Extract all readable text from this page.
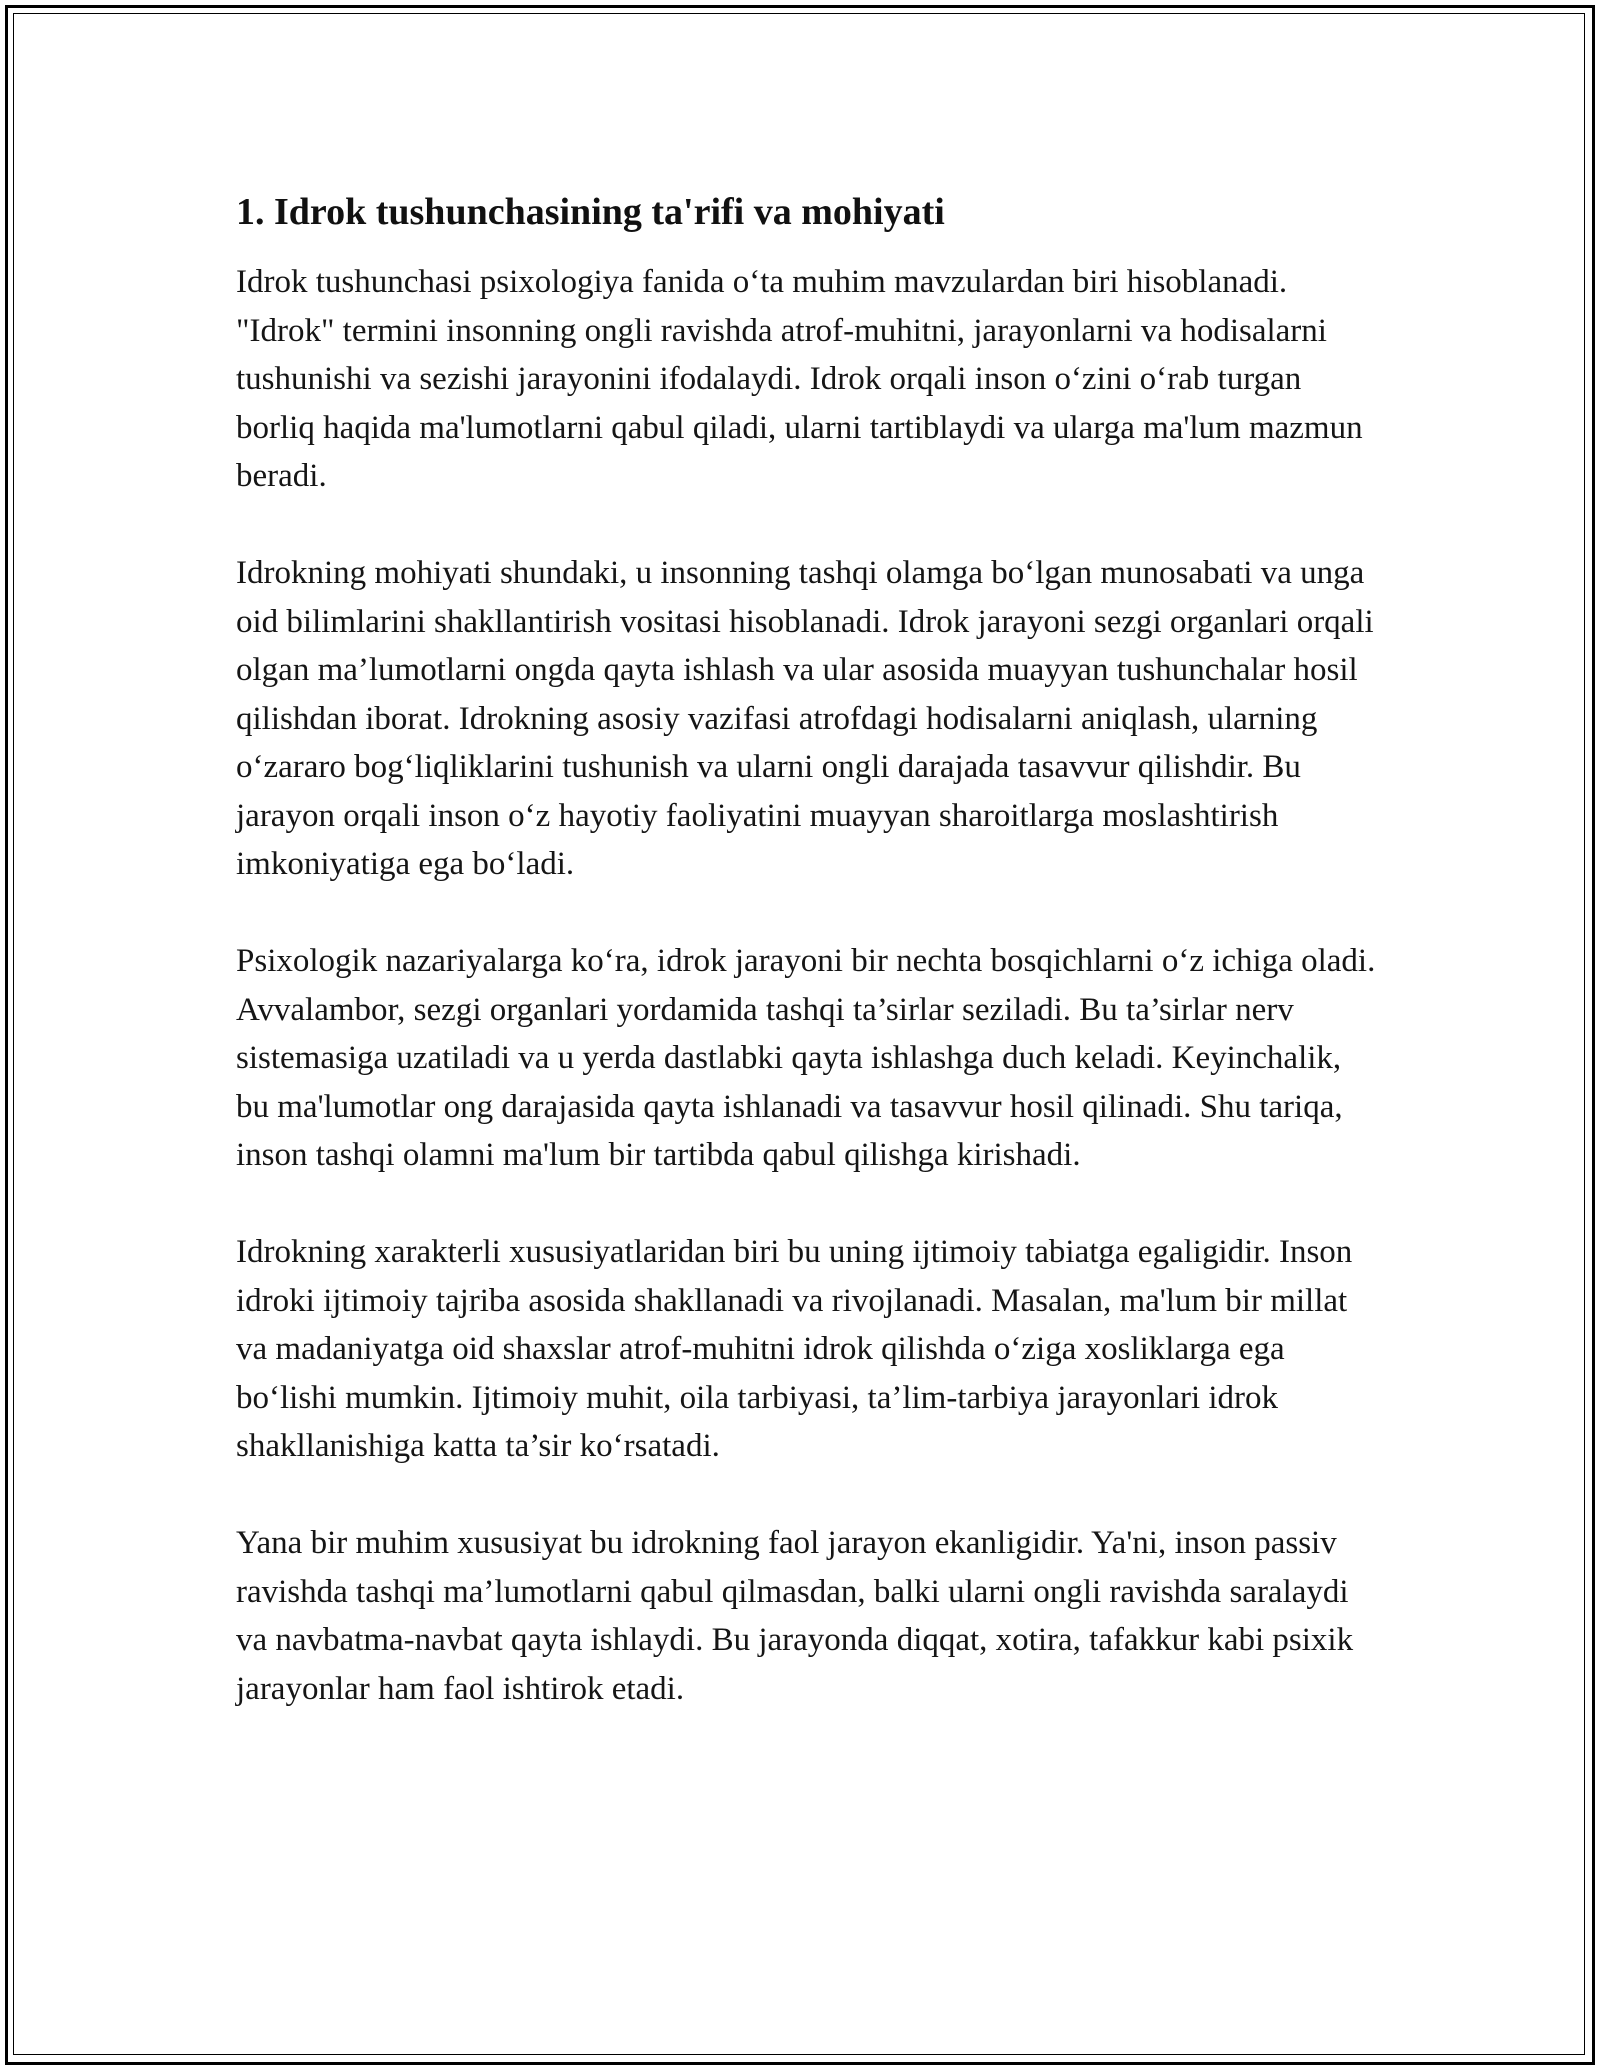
1. Idrok tushunchasining ta'rifi va mohiyati

Idrok tushunchasi psixologiya fanida o‘ta muhim mavzulardan biri hisoblanadi. "Idrok" termini insonning ongli ravishda atrof-muhitni, jarayonlarni va hodisalarni tushunishi va sezishi jarayonini ifodalaydi. Idrok orqali inson o‘zini o‘rab turgan borliq haqida ma'lumotlarni qabul qiladi, ularni tartiblaydi va ularga ma'lum mazmun beradi.

Idrokning mohiyati shundaki, u insonning tashqi olamga bo‘lgan munosabati va unga oid bilimlarini shakllantirish vositasi hisoblanadi. Idrok jarayoni sezgi organlari orqali olgan ma’lumotlarni ongda qayta ishlash va ular asosida muayyan tushunchalar hosil qilishdan iborat. Idrokning asosiy vazifasi atrofdagi hodisalarni aniqlash, ularning o‘zararo bog‘liqliklarini tushunish va ularni ongli darajada tasavvur qilishdir. Bu jarayon orqali inson o‘z hayotiy faoliyatini muayyan sharoitlarga moslashtirish imkoniyatiga ega bo‘ladi.

Psixologik nazariyalarga ko‘ra, idrok jarayoni bir nechta bosqichlarni o‘z ichiga oladi. Avvalambor, sezgi organlari yordamida tashqi ta’sirlar seziladi. Bu ta’sirlar nerv sistemasiga uzatiladi va u yerda dastlabki qayta ishlashga duch keladi. Keyinchalik, bu ma'lumotlar ong darajasida qayta ishlanadi va tasavvur hosil qilinadi. Shu tariqa, inson tashqi olamni ma'lum bir tartibda qabul qilishga kirishadi.

Idrokning xarakterli xususiyatlaridan biri bu uning ijtimoiy tabiatga egaligidir. Inson idroki ijtimoiy tajriba asosida shakllanadi va rivojlanadi. Masalan, ma'lum bir millat va madaniyatga oid shaxslar atrof-muhitni idrok qilishda o‘ziga xosliklarga ega bo‘lishi mumkin. Ijtimoiy muhit, oila tarbiyasi, ta’lim-tarbiya jarayonlari idrok shakllanishiga katta ta’sir ko‘rsatadi.

Yana bir muhim xususiyat bu idrokning faol jarayon ekanligidir. Ya'ni, inson passiv ravishda tashqi ma’lumotlarni qabul qilmasdan, balki ularni ongli ravishda saralaydi va navbatma-navbat qayta ishlaydi. Bu jarayonda diqqat, xotira, tafakkur kabi psixik jarayonlar ham faol ishtirok etadi.
